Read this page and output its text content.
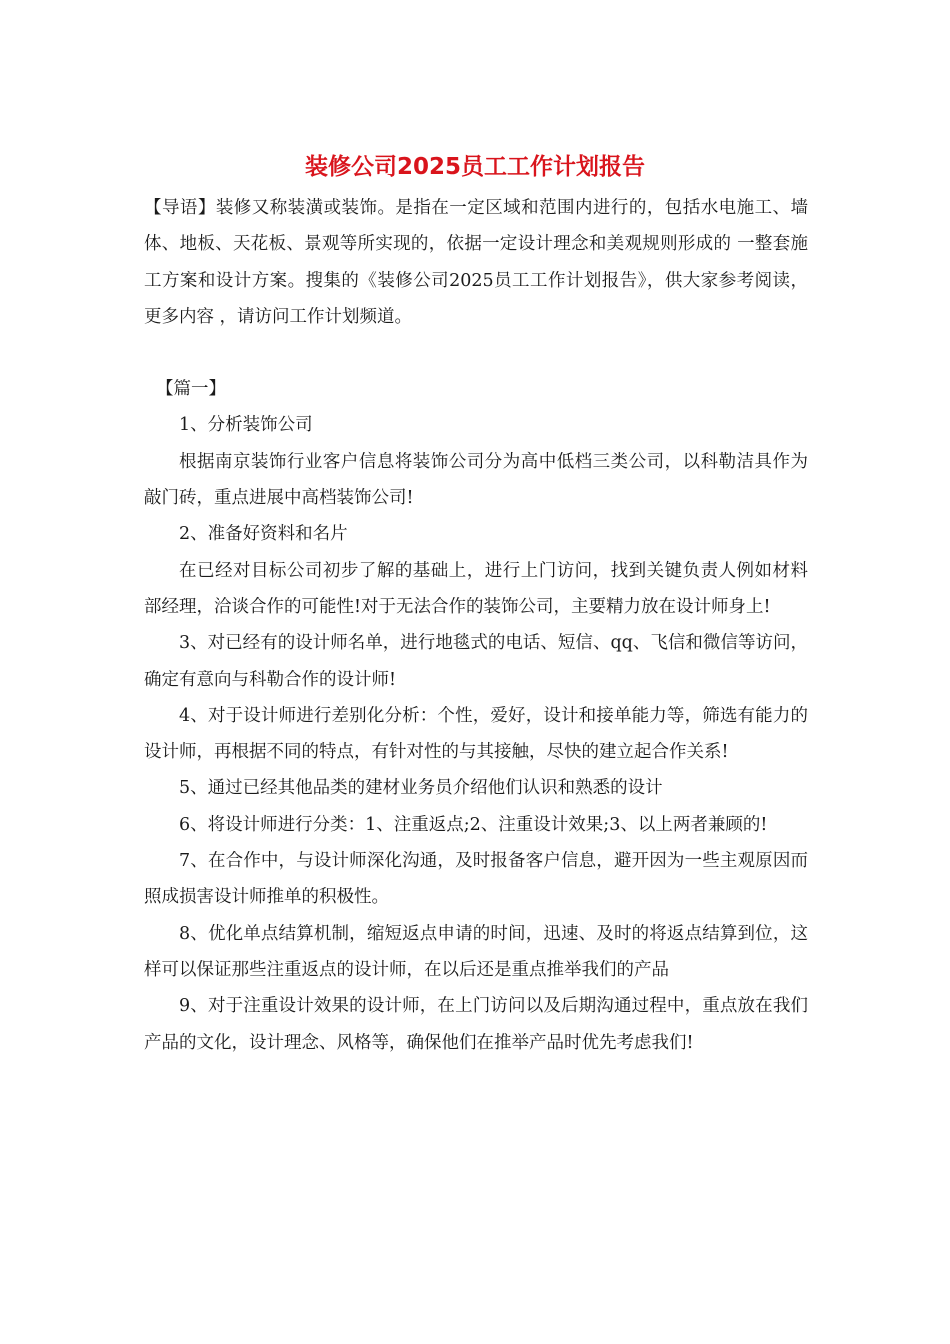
装修公司2025员工工作计划报告

【导语】装修又称装潢或装饰。是指在一定区域和范围内进行的，包括水电施工、墙体、地板、天花板、景观等所实现的，依据一定设计理念和美观规则形成的 一整套施工方案和设计方案。搜集的《装修公司2025员工工作计划报告》，供大家参考阅读，更多内容 ，请访问工作计划频道。

【篇一】

1、分析装饰公司

根据南京装饰行业客户信息将装饰公司分为高中低档三类公司，以科勒洁具作为敲门砖，重点进展中高档装饰公司!

2、准备好资料和名片

在已经对目标公司初步了解的基础上，进行上门访问，找到关键负责人例如材料部经理，洽谈合作的可能性!对于无法合作的装饰公司，主要精力放在设计师身上!

3、对已经有的设计师名单，进行地毯式的电话、短信、qq、飞信和微信等访问，确定有意向与科勒合作的设计师!

4、对于设计师进行差别化分析：个性，爱好，设计和接单能力等，筛选有能力的设计师，再根据不同的特点，有针对性的与其接触，尽快的建立起合作关系!

5、通过已经其他品类的建材业务员介绍他们认识和熟悉的设计

6、将设计师进行分类：1、注重返点;2、注重设计效果;3、以上两者兼顾的!

7、在合作中，与设计师深化沟通，及时报备客户信息，避开因为一些主观原因而照成损害设计师推单的积极性。

8、优化单点结算机制，缩短返点申请的时间，迅速、及时的将返点结算到位，这样可以保证那些注重返点的设计师，在以后还是重点推举我们的产品

9、对于注重设计效果的设计师，在上门访问以及后期沟通过程中，重点放在我们产品的文化，设计理念、风格等，确保他们在推举产品时优先考虑我们!
